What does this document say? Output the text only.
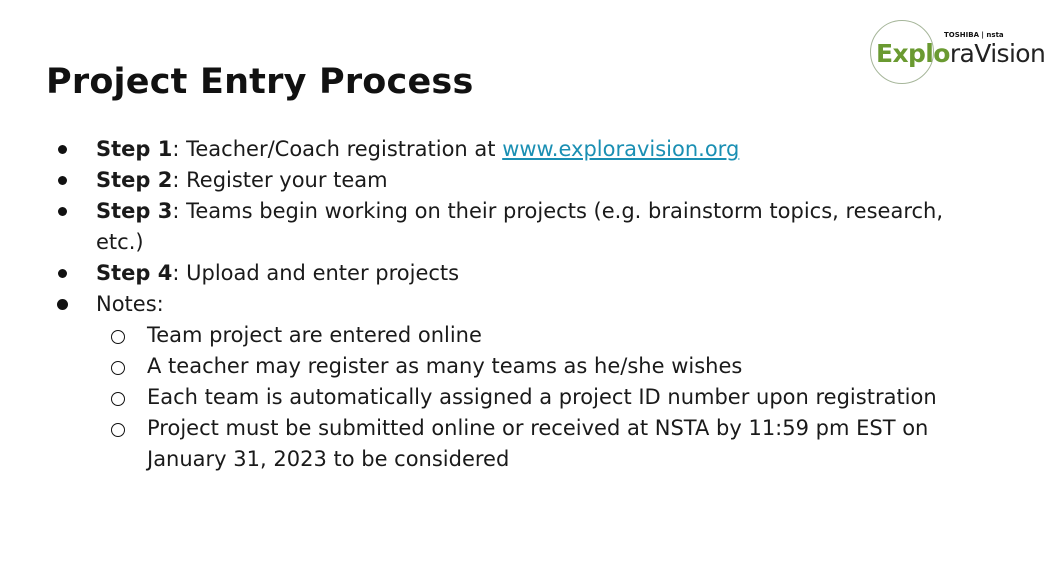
Project Entry Process
TOSHIBA | nsta
ExploraVision
Step 1: Teacher/Coach registration at www.exploravision.org
Step 2: Register your team
Step 3: Teams begin working on their projects (e.g. brainstorm topics, research, etc.)
Step 4: Upload and enter projects
Notes:
Team project are entered online
A teacher may register as many teams as he/she wishes
Each team is automatically assigned a project ID number upon registration
Project must be submitted online or received at NSTA by 11:59 pm EST on January 31, 2023 to be considered
